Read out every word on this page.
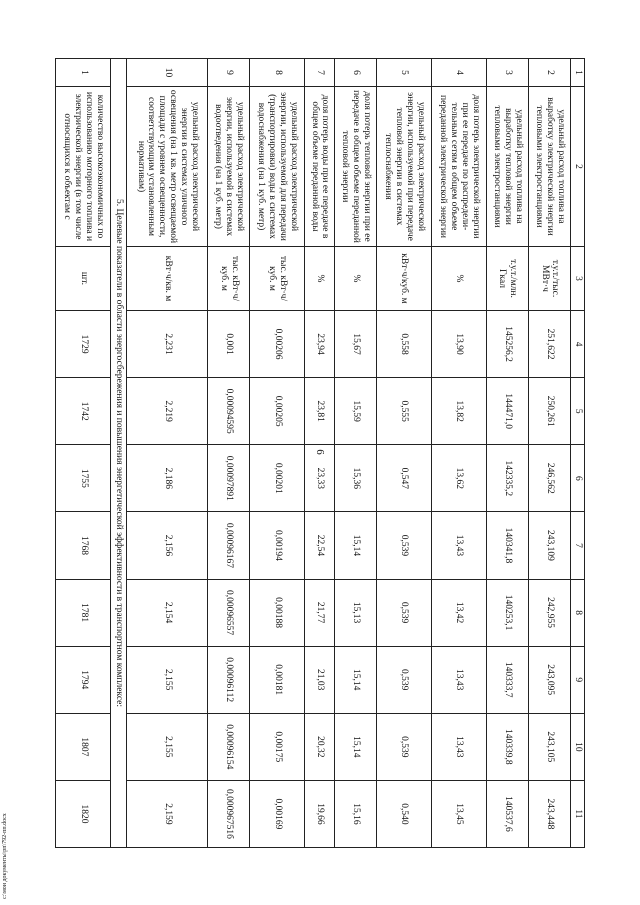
6
1	2	3	4	5	6	7	8	9	10	11
2	удельный расход топлива на выработку электрической энергии тепловыми электростанциями	т.у.т./тыс. МВт·ч	251,622	250,261	246,562	243,109	242,955	243,095	243,105	243,448
3	удельный расход топлива на выработку тепловой энергии тепловыми электростанциями	т.у.т./млн. Гкал	145256,2	144471,0	142335,2	140341,8	140253,1	140333,7	140339,8	140537,6
4	доля потерь электрической энергии при ее передаче по распредели- тельным сетям в общем объеме переданной электрической энергии	%	13,90	13,82	13,62	13,43	13,42	13,43	13,43	13,45
5	удельный расход электрической энергии, используемой при передаче тепловой энергии в системах теплоснабжения	кВт·ч/куб. м	0,558	0,555	0,547	0,539	0,539	0,539	0,539	0,540
6	доля потерь тепловой энергии при ее передаче в общем объеме переданной тепловой энергии	%	15,67	15,59	15,36	15,14	15,13	15,14	15,14	15,16
7	доля потерь воды при ее передаче в общем объеме переданной воды	%	23,94	23,81	23,33	22,54	21,77	21,03	20,32	19,66
8	удельный расход электрической энергии, используемой для передачи (транспортировки) воды в системах водоснабжения (на 1 куб. метр)	тыс. кВт·ч/куб. м	0,00206	0,00205	0,00201	0,00194	0,00188	0,00181	0,00175	0,00169
9	удельный расход электрической энергии, используемой в системах водоотведения (на 1 куб. метр)	тыс. кВт·ч/куб. м	0,001	0,00094595	0,00097891	0,00096167	0,00096557	0,00096112	0,00096154	0,00096751б
10	удельный расход электрической энергии в системах уличного освещения (на 1 кв. метр освещаемой площади с уровнем освещенности, соответствующим установленным нормативам)	кВт·ч/кв. м	2,231	2,219	2,186	2,156	2,154	2,155	2,155	2,159
5. Целевые показатели в области энергосбережения и повышения энергетической эффективности в транспортном комплексе:										
1	количество высокоэкономичных по использованию моторного топлива и электрической энергии (в том числе относящихся к объектам с	шт.	1729	1742	1755	1768	1781	1794	1807	1820
c:\мои документы\рп\792-пп.docx
